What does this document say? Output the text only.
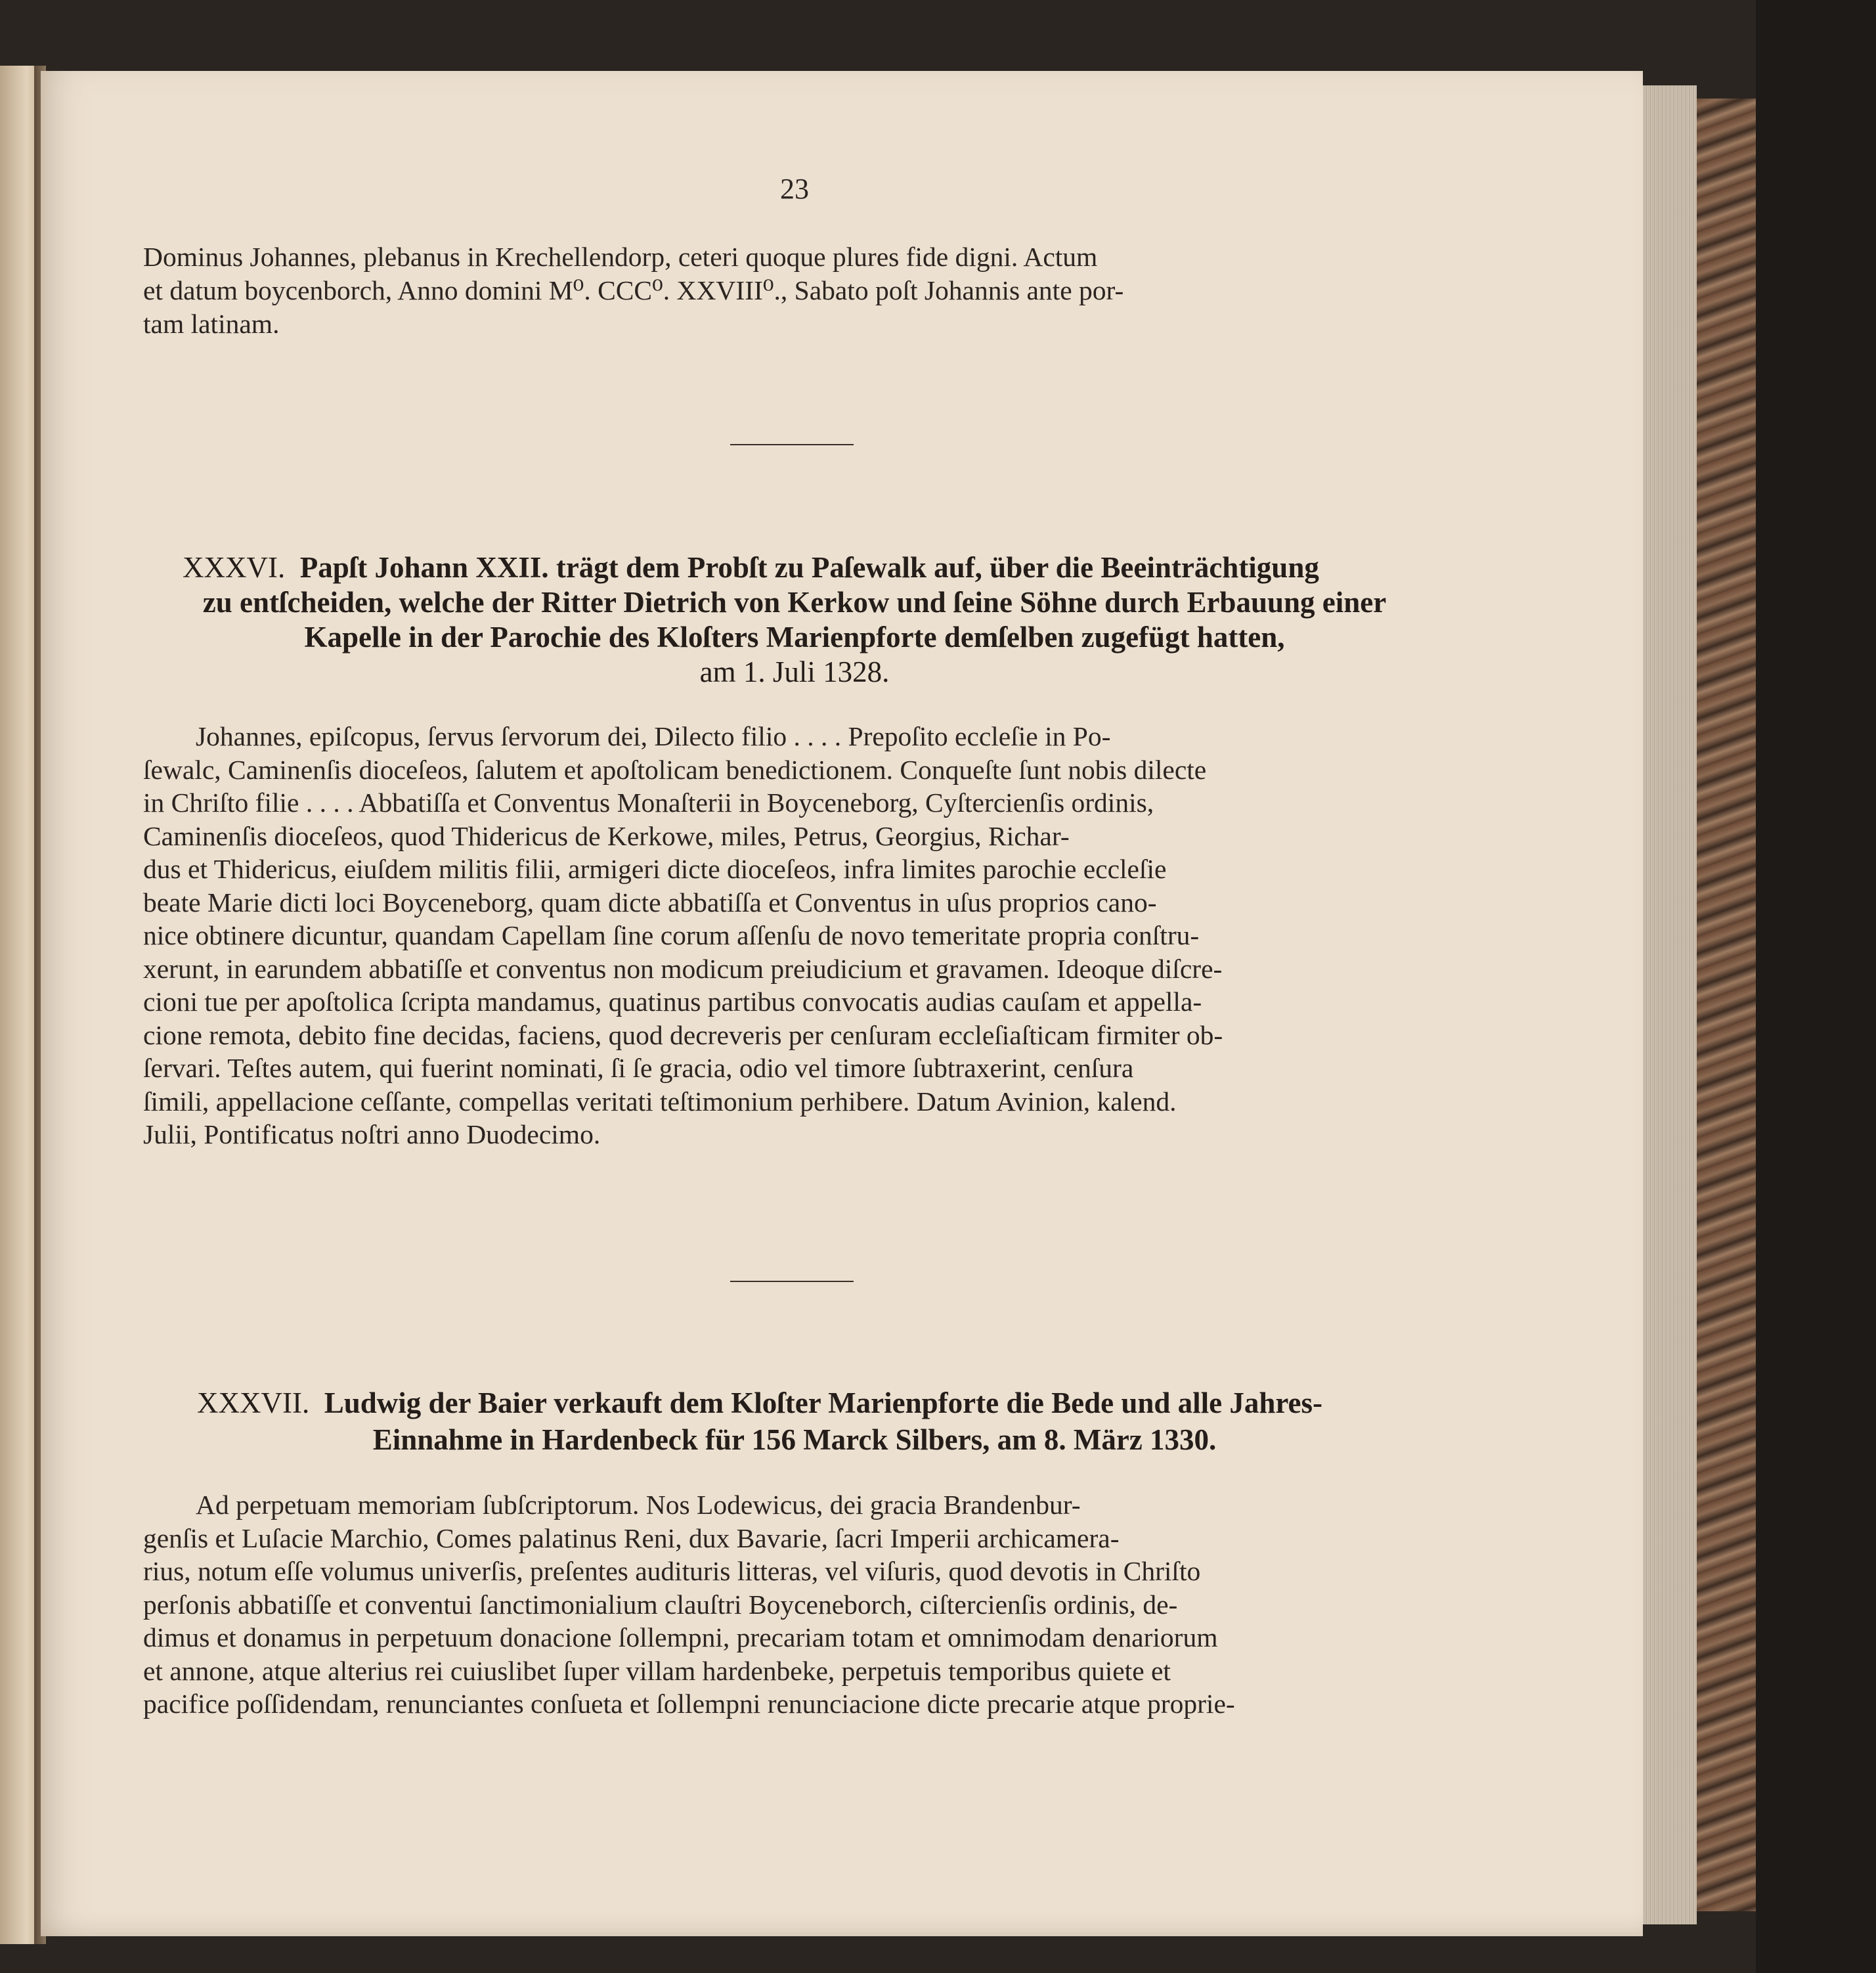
23
Dominus Johannes, plebanus in Krechellendorp, ceteri quoque plures fide digni. Actum
et datum boycenborch, Anno domini M⁰. CCC⁰. XXVIII⁰., Sabato poſt Johannis ante por-
tam latinam.
XXXVI. Papſt Johann XXII. trägt dem Probſt zu Paſewalk auf, über die Beeinträchtigung
zu entſcheiden, welche der Ritter Dietrich von Kerkow und ſeine Söhne durch Erbauung einer
Kapelle in der Parochie des Kloſters Marienpforte demſelben zugefügt hatten,
am 1. Juli 1328.
Johannes, epiſcopus, ſervus ſervorum dei, Dilecto filio . . . . Prepoſito eccleſie in Po-
ſewalc, Caminenſis dioceſeos, ſalutem et apoſtolicam benedictionem. Conqueſte ſunt nobis dilecte
in Chriſto filie . . . . Abbatiſſa et Conventus Monaſterii in Boyceneborg, Cyſtercienſis ordinis,
Caminenſis dioceſeos, quod Thidericus de Kerkowe, miles, Petrus, Georgius, Richar-
dus et Thidericus, eiuſdem militis filii, armigeri dicte dioceſeos, infra limites parochie eccleſie
beate Marie dicti loci Boyceneborg, quam dicte abbatiſſa et Conventus in uſus proprios cano-
nice obtinere dicuntur, quandam Capellam ſine corum aſſenſu de novo temeritate propria conſtru-
xerunt, in earundem abbatiſſe et conventus non modicum preiudicium et gravamen. Ideoque diſcre-
cioni tue per apoſtolica ſcripta mandamus, quatinus partibus convocatis audias cauſam et appella-
cione remota, debito fine decidas, faciens, quod decreveris per cenſuram eccleſiaſticam firmiter ob-
ſervari. Teſtes autem, qui fuerint nominati, ſi ſe gracia, odio vel timore ſubtraxerint, cenſura
ſimili, appellacione ceſſante, compellas veritati teſtimonium perhibere. Datum Avinion, kalend.
Julii, Pontificatus noſtri anno Duodecimo.
XXXVII. Ludwig der Baier verkauft dem Kloſter Marienpforte die Bede und alle Jahres-
Einnahme in Hardenbeck für 156 Marck Silbers, am 8. März 1330.
Ad perpetuam memoriam ſubſcriptorum. Nos Lodewicus, dei gracia Brandenbur-
genſis et Luſacie Marchio, Comes palatinus Reni, dux Bavarie, ſacri Imperii archicamera-
rius, notum eſſe volumus univerſis, preſentes audituris litteras, vel viſuris, quod devotis in Chriſto
perſonis abbatiſſe et conventui ſanctimonialium clauſtri Boyceneborch, ciſtercienſis ordinis, de-
dimus et donamus in perpetuum donacione ſollempni, precariam totam et omnimodam denariorum
et annone, atque alterius rei cuiuslibet ſuper villam hardenbeke, perpetuis temporibus quiete et
pacifice poſſidendam, renunciantes conſueta et ſollempni renunciacione dicte precarie atque proprie-
